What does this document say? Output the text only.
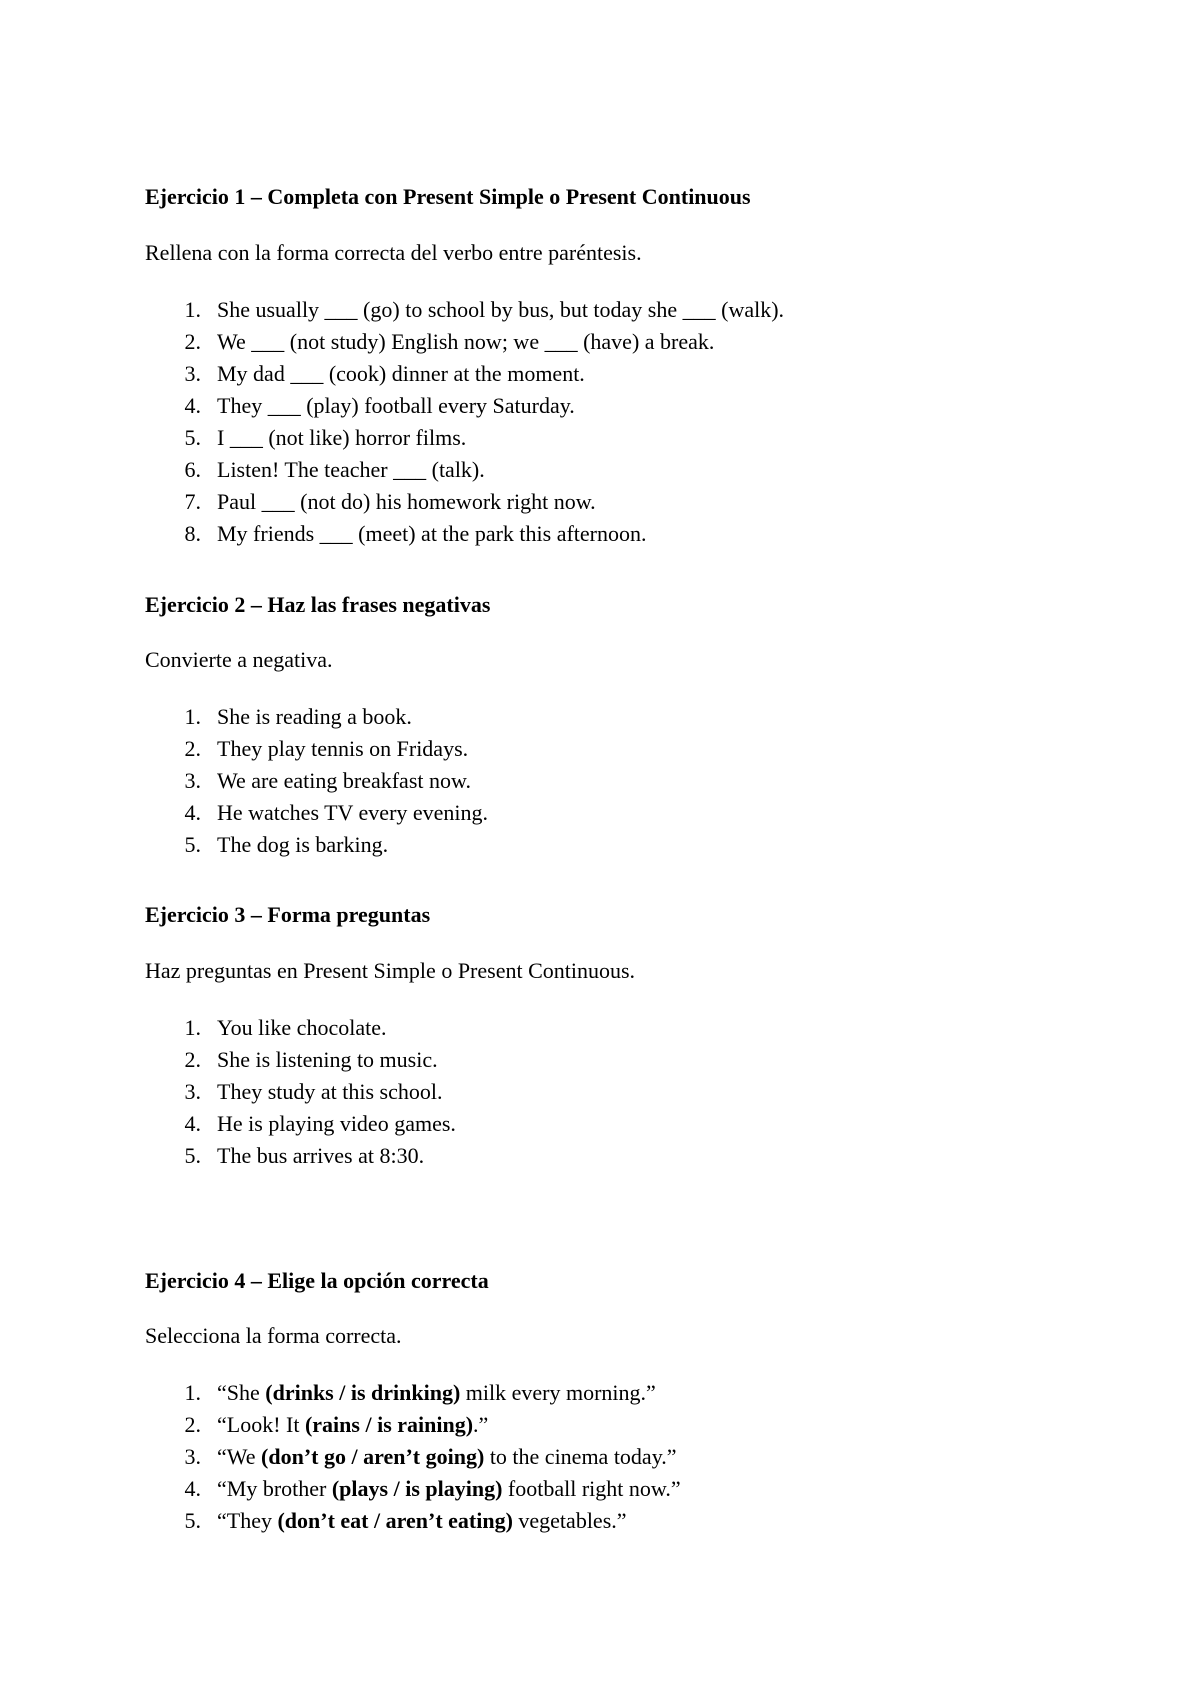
Ejercicio 1 – Completa con Present Simple o Present Continuous

Rellena con la forma correcta del verbo entre paréntesis.

1. She usually ___ (go) to school by bus, but today she ___ (walk).
2. We ___ (not study) English now; we ___ (have) a break.
3. My dad ___ (cook) dinner at the moment.
4. They ___ (play) football every Saturday.
5. I ___ (not like) horror films.
6. Listen! The teacher ___ (talk).
7. Paul ___ (not do) his homework right now.
8. My friends ___ (meet) at the park this afternoon.

Ejercicio 2 – Haz las frases negativas

Convierte a negativa.

1. She is reading a book.
2. They play tennis on Fridays.
3. We are eating breakfast now.
4. He watches TV every evening.
5. The dog is barking.

Ejercicio 3 – Forma preguntas

Haz preguntas en Present Simple o Present Continuous.

1. You like chocolate.
2. She is listening to music.
3. They study at this school.
4. He is playing video games.
5. The bus arrives at 8:30.

Ejercicio 4 – Elige la opción correcta

Selecciona la forma correcta.

1. “She (drinks / is drinking) milk every morning.”
2. “Look! It (rains / is raining).”
3. “We (don’t go / aren’t going) to the cinema today.”
4. “My brother (plays / is playing) football right now.”
5. “They (don’t eat / aren’t eating) vegetables.”
